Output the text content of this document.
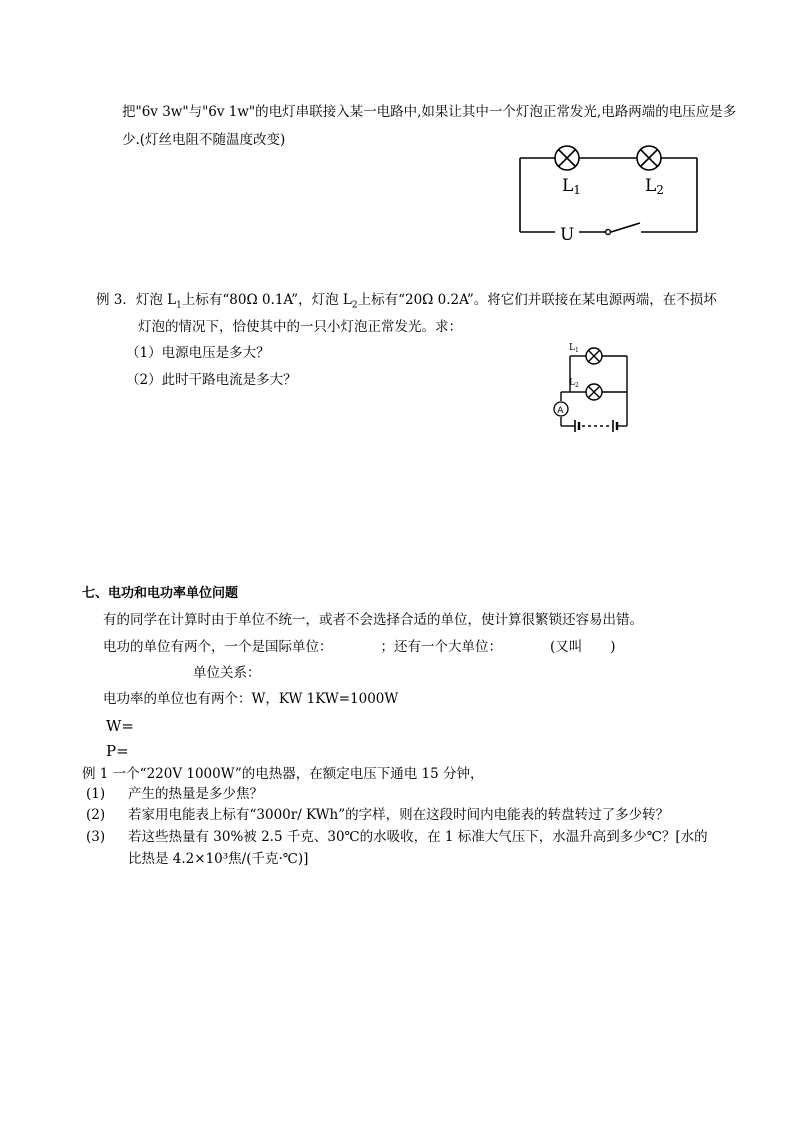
把"6v 3w"与"6v 1w"的电灯串联接入某一电路中,如果让其中一个灯泡正常发光,电路两端的电压应是多
少.(灯丝电阻不随温度改变)
L1	L2
U
例 3．灯泡 $L_1$上标有“80Ω 0.1A”，灯泡 $L_2$上标有“20Ω 0.2A”。将它们并联接在某电源两端，在不损坏
灯泡的情况下，恰使其中的一只小灯泡正常发光。求：
（1）电源电压是多大？
（2）此时干路电流是多大？
A
$L_1$
$L_2$
七、电功和电功率单位问题
有的同学在计算时由于单位不统一，或者不会选择合适的单位，使计算很繁锁还容易出错。
电功的单位有两个，一个是国际单位：	；还有一个大单位：	(又叫 )
单位关系：
电功率的单位也有两个：W，KW 1KW=1000W
W=
P=
例 1 一个“220V 1000W”的电热器，在额定电压下通电 15 分钟，
(1) 产生的热量是多少焦？
(2) 若家用电能表上标有“3000r/ KWh”的字样，则在这段时间内电能表的转盘转过了多少转？
(3) 若这些热量有 30%被 2.5 千克、30℃的水吸收，在 1 标准大气压下，水温升高到多少℃？[水的
比热是 4.2×10³焦/(千克·℃)]
